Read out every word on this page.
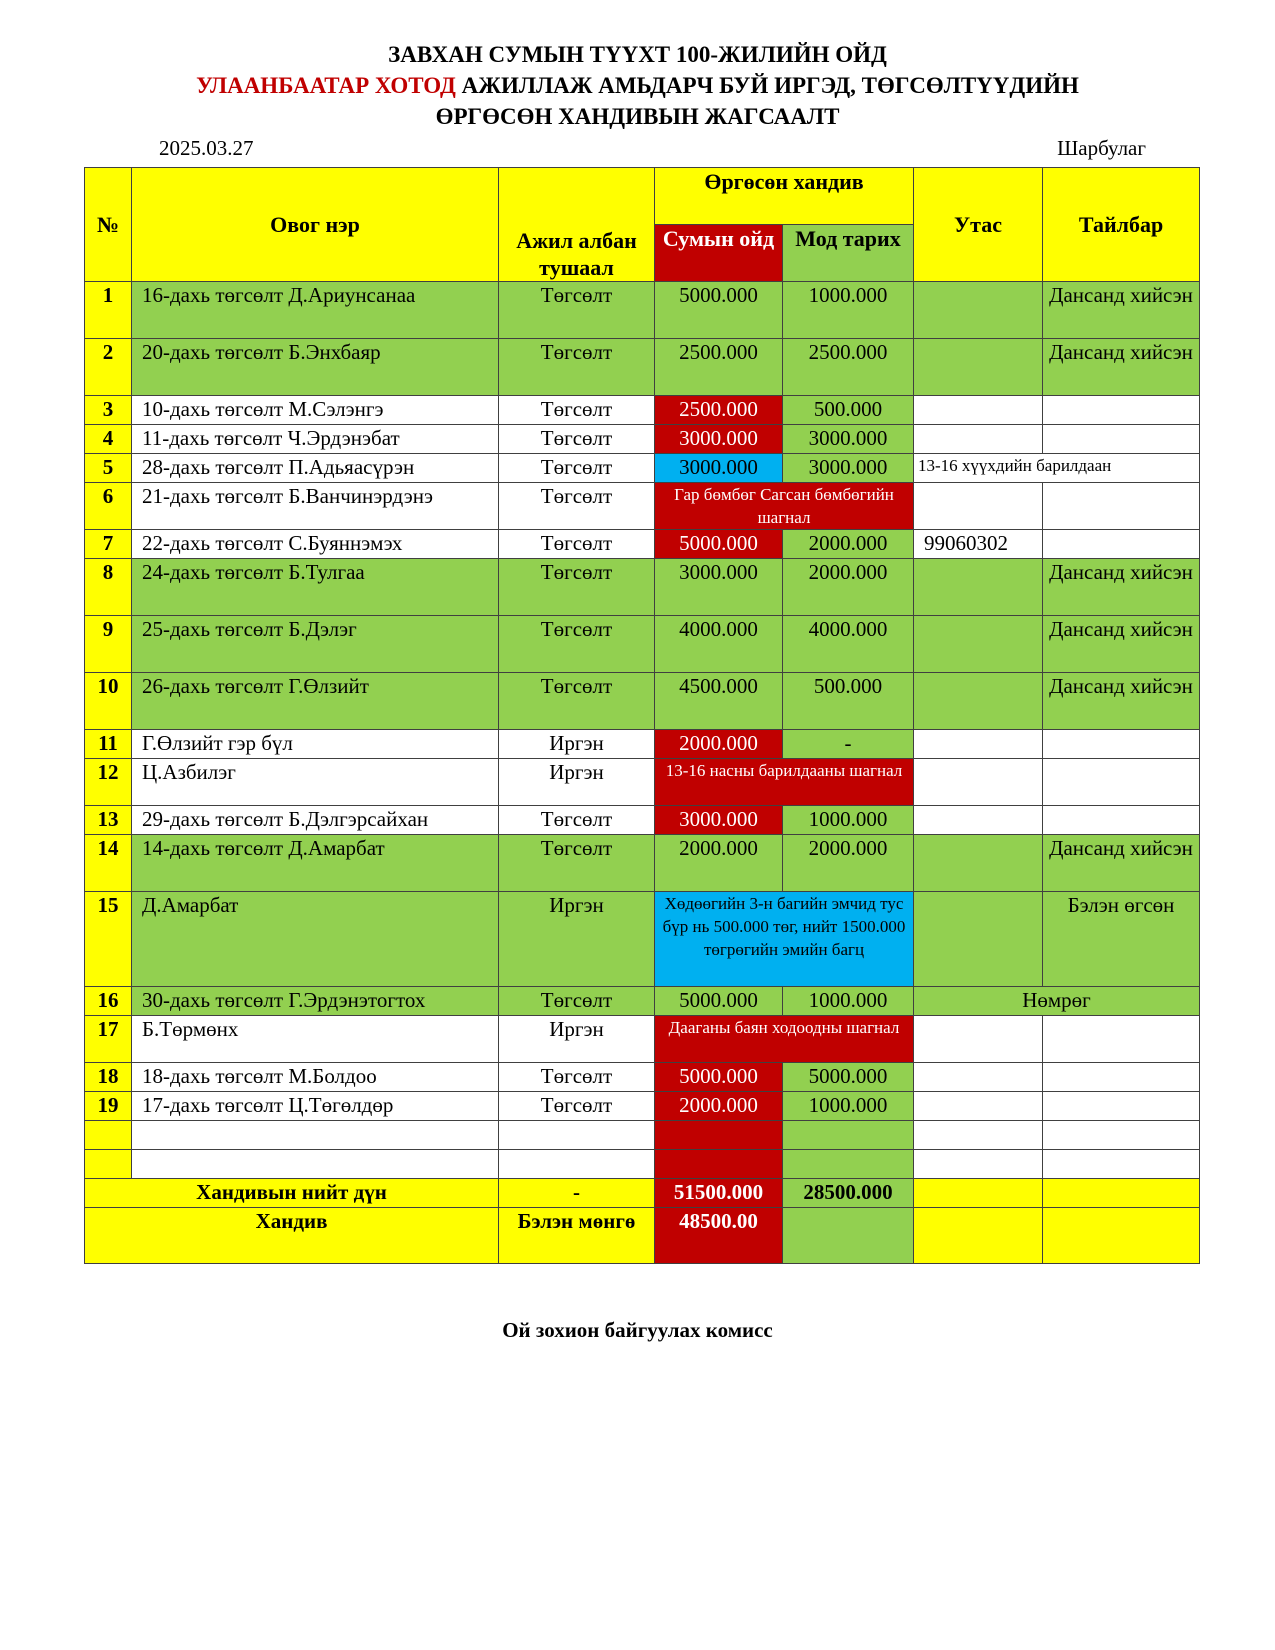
ЗАВХАН СУМЫН ТҮҮХТ 100-ЖИЛИЙН ОЙД
УЛААНБААТАР ХОТОД АЖИЛЛАЖ АМЬДАРЧ БУЙ ИРГЭД, ТӨГСӨЛТҮҮДИЙН
ӨРГӨСӨН ХАНДИВЫН ЖАГСААЛТ
2025.03.27	Шарбулаг
№	Овог нэр	Ажил албан тушаал	Өргөсөн хандив		Утас	Тайлбар
			Сумын ойд	Мод тарих		
1	16-дахь төгсөлт Д.Ариунсанаа	Төгсөлт	5000.000	1000.000		Дансанд хийсэн
2	20-дахь төгсөлт Б.Энхбаяр	Төгсөлт	2500.000	2500.000		Дансанд хийсэн
3	10-дахь төгсөлт М.Сэлэнгэ	Төгсөлт	2500.000	500.000		
4	11-дахь төгсөлт Ч.Эрдэнэбат	Төгсөлт	3000.000	3000.000		
5	28-дахь төгсөлт П.Адьяасүрэн	Төгсөлт	3000.000	3000.000	13-16 хүүхдийн барилдаан	
6	21-дахь төгсөлт Б.Ванчинэрдэнэ	Төгсөлт	Гар бөмбөг Сагсан бөмбөгийн шагнал			
7	22-дахь төгсөлт С.Буяннэмэх	Төгсөлт	5000.000	2000.000	99060302	
8	24-дахь төгсөлт Б.Тулгаа	Төгсөлт	3000.000	2000.000		Дансанд хийсэн
9	25-дахь төгсөлт Б.Дэлэг	Төгсөлт	4000.000	4000.000		Дансанд хийсэн
10	26-дахь төгсөлт Г.Өлзийт	Төгсөлт	4500.000	500.000		Дансанд хийсэн
11	Г.Өлзийт гэр бүл	Иргэн	2000.000	-		
12	Ц.Азбилэг	Иргэн	13-16 насны барилдааны шагнал			
13	29-дахь төгсөлт Б.Дэлгэрсайхан	Төгсөлт	3000.000	1000.000		
14	14-дахь төгсөлт Д.Амарбат	Төгсөлт	2000.000	2000.000		Дансанд хийсэн
15	Д.Амарбат	Иргэн	Хөдөөгийн 3-н багийн эмчид тус бүр нь 500.000 төг, нийт 1500.000 төгрөгийн эмийн багц			Бэлэн өгсөн
16	30-дахь төгсөлт Г.Эрдэнэтогтох	Төгсөлт	5000.000	1000.000	Нөмрөг	
17	Б.Төрмөнх	Иргэн	Дааганы баян ходоодны шагнал			
18	18-дахь төгсөлт М.Болдоо	Төгсөлт	5000.000	5000.000		
19	17-дахь төгсөлт Ц.Төгөлдөр	Төгсөлт	2000.000	1000.000		

Хандивын нийт дүн		-	51500.000	28500.000		
Хандив		Бэлэн мөнгө	48500.00			
Ой зохион байгуулах комисс
